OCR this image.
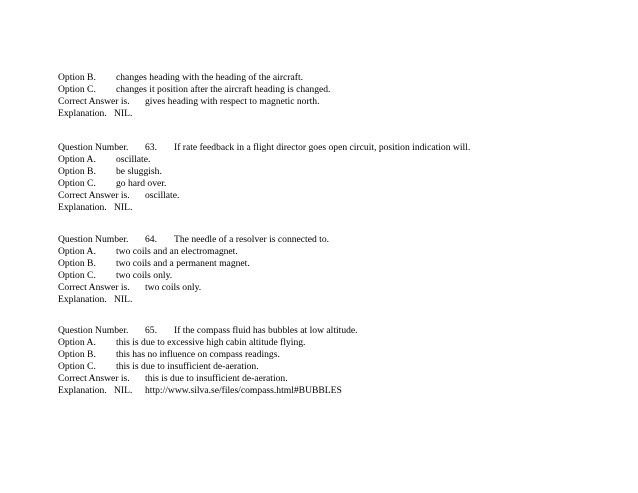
Option B. changes heading with the heading of the aircraft.
Option C. changes it position after the aircraft heading is changed.
Correct Answer is. gives heading with respect to magnetic north.
Explanation. NIL.
Question Number. 63. If rate feedback in a flight director goes open circuit, position indication will.
Option A. oscillate.
Option B. be sluggish.
Option C. go hard over.
Correct Answer is. oscillate.
Explanation. NIL.
Question Number. 64. The needle of a resolver is connected to.
Option A. two coils and an electromagnet.
Option B. two coils and a permanent magnet.
Option C. two coils only.
Correct Answer is. two coils only.
Explanation. NIL.
Question Number. 65. If the compass fluid has bubbles at low altitude.
Option A. this is due to excessive high cabin altitude flying.
Option B. this has no influence on compass readings.
Option C. this is due to insufficient de-aeration.
Correct Answer is. this is due to insufficient de-aeration.
Explanation. NIL. http://www.silva.se/files/compass.html#BUBBLES
